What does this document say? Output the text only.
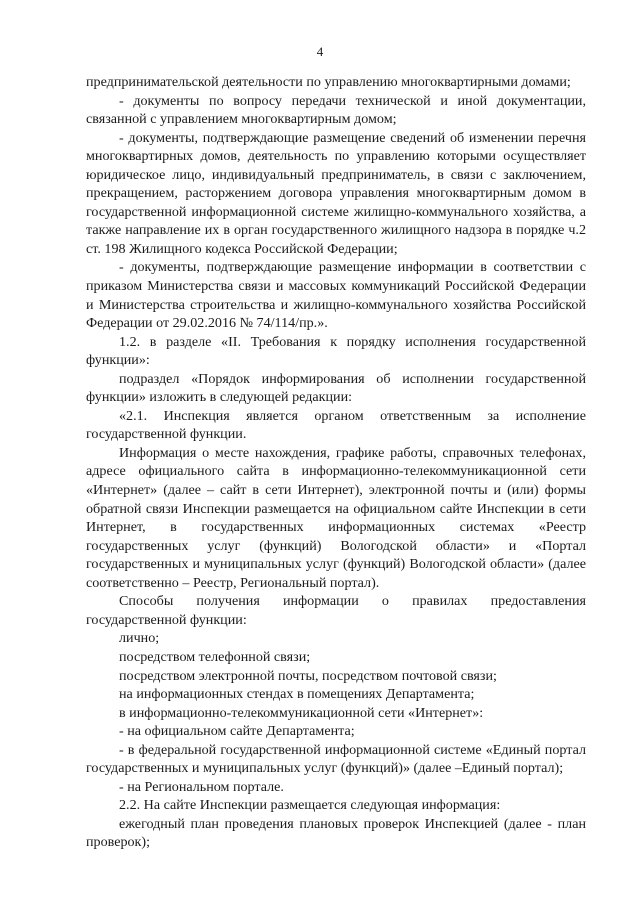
4

предпринимательской деятельности по управлению многоквартирными домами;

- документы по вопросу передачи технической и иной документации, связанной с управлением многоквартирным домом;

- документы, подтверждающие размещение сведений об изменении перечня многоквартирных домов, деятельность по управлению которыми осуществляет юридическое лицо, индивидуальный предприниматель, в связи с заключением, прекращением, расторжением договора управления многоквартирным домом в государственной информационной системе жилищно-коммунального хозяйства, а также направление их в орган государственного жилищного надзора в порядке ч.2 ст. 198 Жилищного кодекса Российской Федерации;

- документы, подтверждающие размещение информации в соответствии с приказом Министерства связи и массовых коммуникаций Российской Федерации и Министерства строительства и жилищно-коммунального хозяйства Российской Федерации от 29.02.2016 № 74/114/пр.».

1.2. в разделе «II. Требования к порядку исполнения государственной функции»:

подраздел «Порядок информирования об исполнении государственной функции» изложить в следующей редакции:

«2.1. Инспекция является органом ответственным за исполнение государственной функции.

Информация о месте нахождения, графике работы, справочных телефонах, адресе официального сайта в информационно-телекоммуникационной сети «Интернет» (далее – сайт в сети Интернет), электронной почты и (или) формы обратной связи Инспекции размещается на официальном сайте Инспекции в сети Интернет, в государственных информационных системах «Реестр государственных услуг (функций) Вологодской области» и «Портал государственных и муниципальных услуг (функций) Вологодской области» (далее соответственно – Реестр, Региональный портал).

Способы получения информации о правилах предоставления государственной функции:

лично;

посредством телефонной связи;

посредством электронной почты, посредством почтовой связи;

на информационных стендах в помещениях Департамента;

в информационно-телекоммуникационной сети «Интернет»:

- на официальном сайте Департамента;

- в федеральной государственной информационной системе «Единый портал государственных и муниципальных услуг (функций)» (далее –Единый портал);

- на Региональном портале.

2.2. На сайте Инспекции размещается следующая информация:

ежегодный план проведения плановых проверок Инспекцией (далее - план проверок);
